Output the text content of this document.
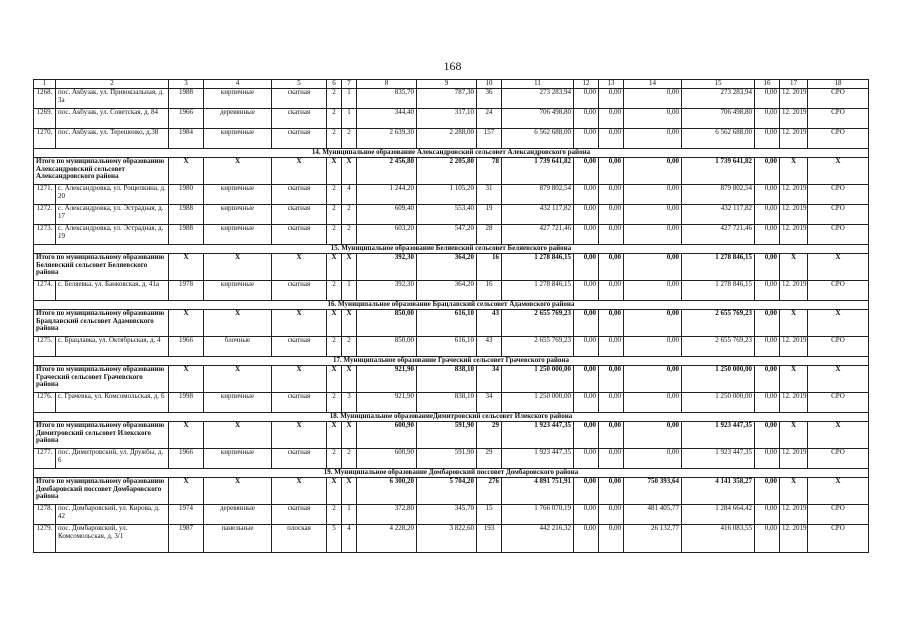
168
1	2	3	4	5	6	7	8	9	10	11	12	13	14	15	16	17	18
1268.	пос. Акбузак, ул. Привокзальная, д. 3а	1988	кирпичные	скатная	2	1	835,70	787,30	36	273 283,94	0,00	0,00	0,00	273 283,94	0,00	12. 2019	СРО
1269.	пос. Акбузак, ул. Советская, д. 84	1966	деревянные	скатная	2	1	344,40	317,10	24	706 498,80	0,00	0,00	0,00	706 498,80	0,00	12. 2019	СРО
1270.	пос. Акбузак, ул. Терешенко, д.38	1984	кирпичные	скатная	2	2	2 639,30	2 288,00	157	6 562 688,00	0,00	0,00	0,00	6 562 688,00	0,00	12. 2019	СРО
14. Муниципальное образование Александровский сельсовет Александровского района																	
Итого по муниципальному образованию Александровский сельсовет Александровского района		X	X	X	X	X	2 456,80	2 205,80	78	1 739 641,82	0,00	0,00	0,00	1 739 641,82	0,00	X	X
1271.	с. Александровка, ул. Рощепкина, д. 20	1980	кирпичные	скатная	2	4	1 244,20	1 105,20	31	879 802,54	0,00	0,00	0,00	879 802,54	0,00	12. 2019	СРО
1272.	с. Александровка, ул. Эстрадная, д. 17	1988	кирпичные	скатная	2	2	609,40	553,40	19	432 117,82	0,00	0,00	0,00	432 117,82	0,00	12. 2019	СРО
1273.	с. Александровка, ул. Эстрадная, д. 19	1988	кирпичные	скатная	2	2	603,20	547,20	28	427 721,46	0,00	0,00	0,00	427 721,46	0,00	12. 2019	СРО
15. Муниципальное образование Беляевский сельсовет Беляевского района																	
Итого по муниципальному образованию Беляевский сельсовет Беляевского района		X	X	X	X	X	392,30	364,20	16	1 278 846,15	0,00	0,00	0,00	1 278 846,15	0,00	X	X
1274.	с. Беляевка, ул. Банковская, д. 41а	1978	кирпичные	скатная	2	1	392,30	364,20	16	1 278 846,15	0,00	0,00	0,00	1 278 846,15	0,00	12. 2019	СРО
16. Муниципальное образование Брацлавский сельсовет Адамовского района																	
Итого по муниципальному образованию Брацлавский сельсовет Адамовского района		X	X	X	X	X	850,00	616,10	43	2 655 769,23	0,00	0,00	0,00	2 655 769,23	0,00	X	X
1275.	с. Брацлавка, ул. Октябрьская, д. 4	1966	блочные	скатная	2	2	850,00	616,10	43	2 655 769,23	0,00	0,00	0,00	2 655 769,23	0,00	12. 2019	СРО
17. Муниципальное образование Граческий сельсовет Грачевского района																	
Итого по муниципальному образованию Граческий сельсовет Грачевского района		X	X	X	X	X	921,90	838,10	34	1 250 000,00	0,00	0,00	0,00	1 250 000,00	0,00	X	X
1276.	с. Грачевка, ул. Комсомольская, д. 6	1998	кирпичные	скатная	2	3	921,90	838,10	34	1 250 000,00	0,00	0,00	0,00	1 250 000,00	0,00	12. 2019	СРО
18. Муниципальное образованиеДимитровский сельсовет Илекского района																	
Итого по муниципальному образованию Димитровский сельсовет Илекского района		X	X	X	X	X	600,90	591,90	29	1 923 447,35	0,00	0,00	0,00	1 923 447,35	0,00	X	X
1277.	пос. Димитровский, ул. Дружбы, д. 6	1966	кирпичные	скатная	2	2	600,90	591,90	29	1 923 447,35	0,00	0,00	0,00	1 923 447,35	0,00	12. 2019	СРО
19. Муниципальное образование Домбаровский поссовет Домбаровского района																	
Итого по муниципальному образованию Домбаровский поссовет Домбаровского района		X	X	X	X	X	6 300,20	5 704,20	276	4 891 751,91	0,00	0,00	750 393,64	4 141 358,27	0,00	X	X
1278.	пос. Домбаровский, ул. Кирова, д. 42	1974	деревянные	скатная	2	1	372,80	345,70	15	1 766 070,19	0,00	0,00	481 405,77	1 284 664,42	0,00	12. 2019	СРО
1279.	пос. Домбаровский, ул. Комсомольская, д. 3/1	1987	панельные	плоская	5	4	4 228,20	3 822,60	193	442 216,32	0,00	0,00	26 132,77	416 083,55	0,00	12. 2019	СРО
